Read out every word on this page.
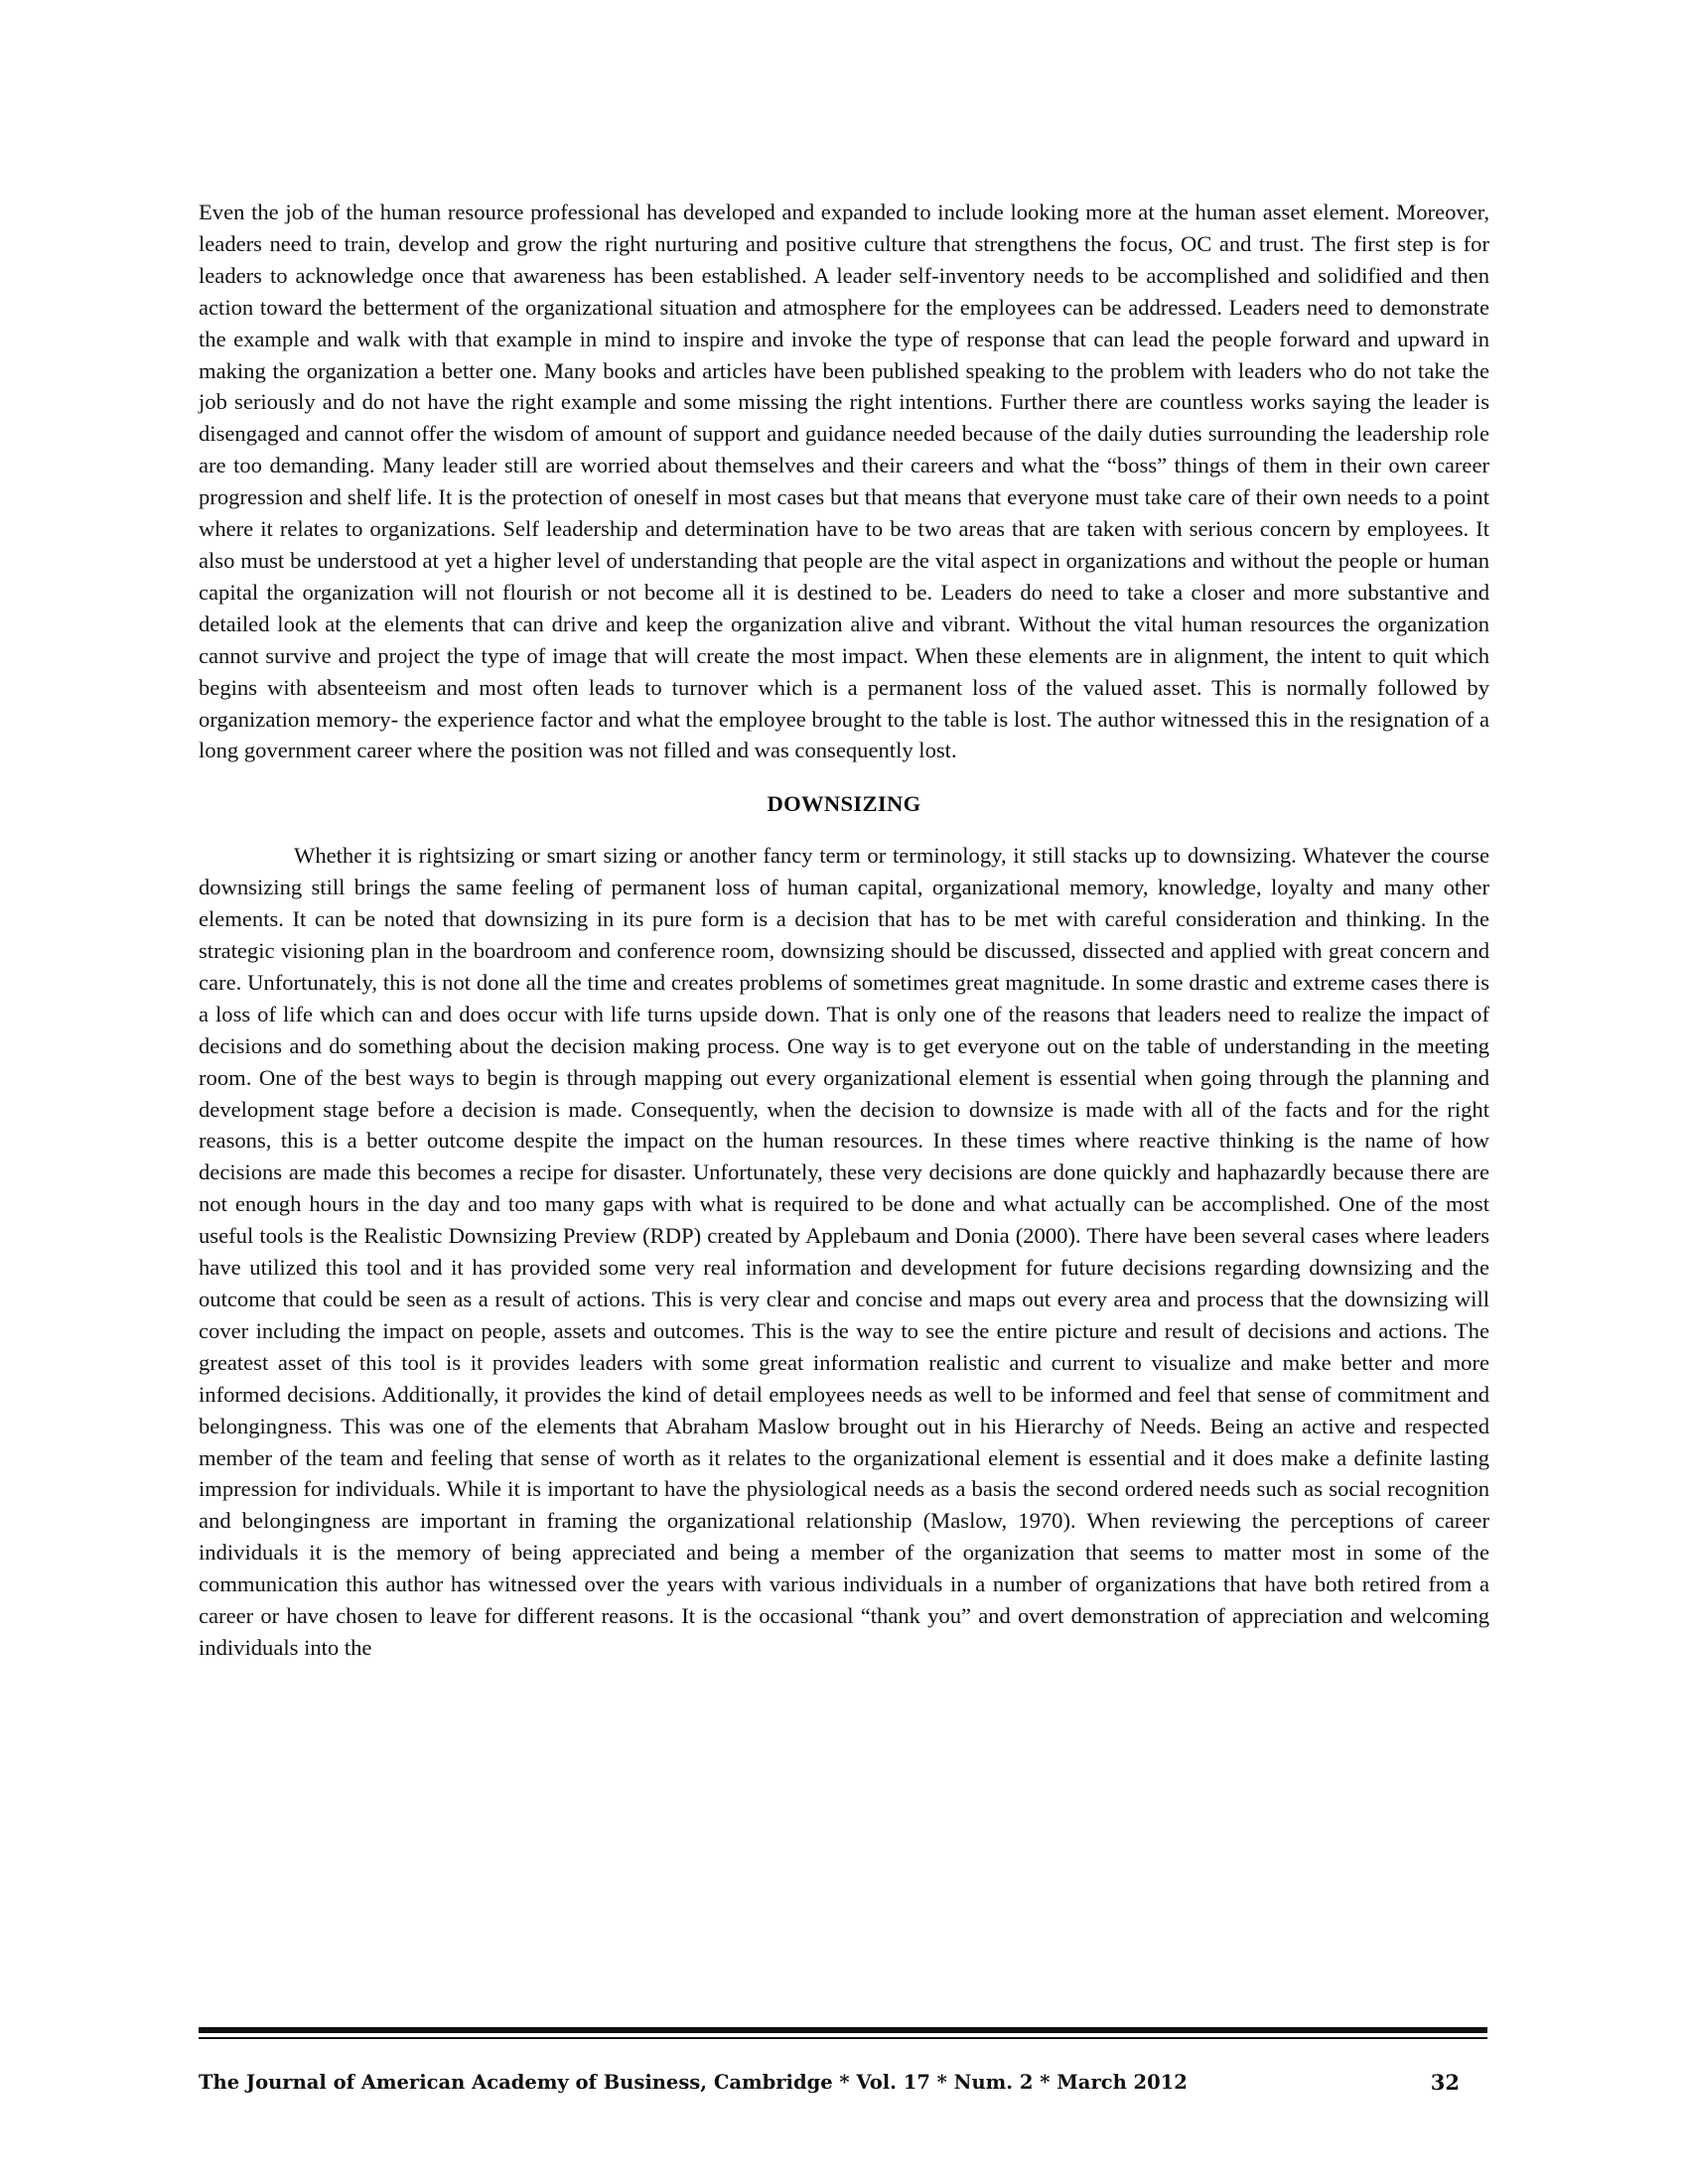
Even the job of the human resource professional has developed and expanded to include looking more at the human asset element. Moreover, leaders need to train, develop and grow the right nurturing and positive culture that strengthens the focus, OC and trust. The first step is for leaders to acknowledge once that awareness has been established. A leader self-inventory needs to be accomplished and solidified and then action toward the betterment of the organizational situation and atmosphere for the employees can be addressed. Leaders need to demonstrate the example and walk with that example in mind to inspire and invoke the type of response that can lead the people forward and upward in making the organization a better one. Many books and articles have been published speaking to the problem with leaders who do not take the job seriously and do not have the right example and some missing the right intentions. Further there are countless works saying the leader is disengaged and cannot offer the wisdom of amount of support and guidance needed because of the daily duties surrounding the leadership role are too demanding. Many leader still are worried about themselves and their careers and what the “boss” things of them in their own career progression and shelf life. It is the protection of oneself in most cases but that means that everyone must take care of their own needs to a point where it relates to organizations. Self leadership and determination have to be two areas that are taken with serious concern by employees. It also must be understood at yet a higher level of understanding that people are the vital aspect in organizations and without the people or human capital the organization will not flourish or not become all it is destined to be. Leaders do need to take a closer and more substantive and detailed look at the elements that can drive and keep the organization alive and vibrant. Without the vital human resources the organization cannot survive and project the type of image that will create the most impact. When these elements are in alignment, the intent to quit which begins with absenteeism and most often leads to turnover which is a permanent loss of the valued asset. This is normally followed by organization memory- the experience factor and what the employee brought to the table is lost. The author witnessed this in the resignation of a long government career where the position was not filled and was consequently lost.

DOWNSIZING

Whether it is rightsizing or smart sizing or another fancy term or terminology, it still stacks up to downsizing. Whatever the course downsizing still brings the same feeling of permanent loss of human capital, organizational memory, knowledge, loyalty and many other elements. It can be noted that downsizing in its pure form is a decision that has to be met with careful consideration and thinking. In the strategic visioning plan in the boardroom and conference room, downsizing should be discussed, dissected and applied with great concern and care. Unfortunately, this is not done all the time and creates problems of sometimes great magnitude. In some drastic and extreme cases there is a loss of life which can and does occur with life turns upside down. That is only one of the reasons that leaders need to realize the impact of decisions and do something about the decision making process. One way is to get everyone out on the table of understanding in the meeting room. One of the best ways to begin is through mapping out every organizational element is essential when going through the planning and development stage before a decision is made. Consequently, when the decision to downsize is made with all of the facts and for the right reasons, this is a better outcome despite the impact on the human resources. In these times where reactive thinking is the name of how decisions are made this becomes a recipe for disaster. Unfortunately, these very decisions are done quickly and haphazardly because there are not enough hours in the day and too many gaps with what is required to be done and what actually can be accomplished. One of the most useful tools is the Realistic Downsizing Preview (RDP) created by Applebaum and Donia (2000). There have been several cases where leaders have utilized this tool and it has provided some very real information and development for future decisions regarding downsizing and the outcome that could be seen as a result of actions. This is very clear and concise and maps out every area and process that the downsizing will cover including the impact on people, assets and outcomes. This is the way to see the entire picture and result of decisions and actions. The greatest asset of this tool is it provides leaders with some great information realistic and current to visualize and make better and more informed decisions. Additionally, it provides the kind of detail employees needs as well to be informed and feel that sense of commitment and belongingness. This was one of the elements that Abraham Maslow brought out in his Hierarchy of Needs. Being an active and respected member of the team and feeling that sense of worth as it relates to the organizational element is essential and it does make a definite lasting impression for individuals. While it is important to have the physiological needs as a basis the second ordered needs such as social recognition and belongingness are important in framing the organizational relationship (Maslow, 1970). When reviewing the perceptions of career individuals it is the memory of being appreciated and being a member of the organization that seems to matter most in some of the communication this author has witnessed over the years with various individuals in a number of organizations that have both retired from a career or have chosen to leave for different reasons. It is the occasional “thank you” and overt demonstration of appreciation and welcoming individuals into the

The Journal of American Academy of Business, Cambridge * Vol. 17 * Num. 2 * March 2012	32
